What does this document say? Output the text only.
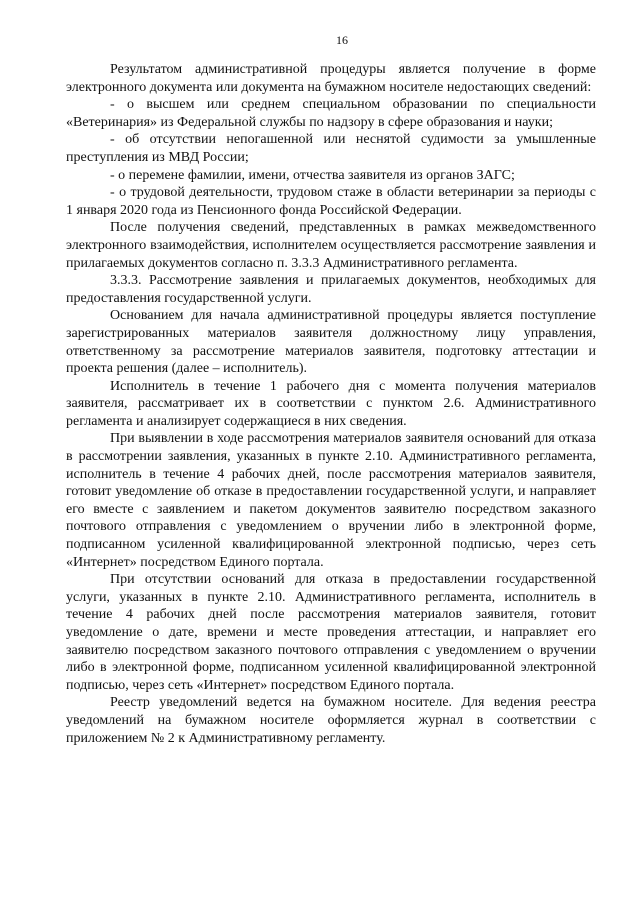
16

Результатом административной процедуры является получение в форме электронного документа или документа на бумажном носителе недостающих сведений:

- о высшем или среднем специальном образовании по специальности «Ветеринария» из Федеральной службы по надзору в сфере образования и науки;

- об отсутствии непогашенной или неснятой судимости за умышленные преступления из МВД России;

- о перемене фамилии, имени, отчества заявителя из органов ЗАГС;

- о трудовой деятельности, трудовом стаже в области ветеринарии за периоды с 1 января 2020 года из Пенсионного фонда Российской Федерации.

После получения сведений, представленных в рамках межведомственного электронного взаимодействия, исполнителем осуществляется рассмотрение заявления и прилагаемых документов согласно п. 3.3.3 Административного регламента.

3.3.3. Рассмотрение заявления и прилагаемых документов, необходимых для предоставления государственной услуги.

Основанием для начала административной процедуры является поступление зарегистрированных материалов заявителя должностному лицу управления, ответственному за рассмотрение материалов заявителя, подготовку аттестации и проекта решения (далее – исполнитель).

Исполнитель в течение 1 рабочего дня с момента получения материалов заявителя, рассматривает их в соответствии с пунктом 2.6. Административного регламента и анализирует содержащиеся в них сведения.

При выявлении в ходе рассмотрения материалов заявителя оснований для отказа в рассмотрении заявления, указанных в пункте 2.10. Административного регламента, исполнитель в течение 4 рабочих дней, после рассмотрения материалов заявителя, готовит уведомление об отказе в предоставлении государственной услуги, и направляет его вместе с заявлением и пакетом документов заявителю посредством заказного почтового отправления с уведомлением о вручении либо в электронной форме, подписанном усиленной квалифицированной электронной подписью, через сеть «Интернет» посредством Единого портала.

При отсутствии оснований для отказа в предоставлении государственной услуги, указанных в пункте 2.10. Административного регламента, исполнитель в течение 4 рабочих дней после рассмотрения материалов заявителя, готовит уведомление о дате, времени и месте проведения аттестации, и направляет его заявителю посредством заказного почтового отправления с уведомлением о вручении либо в электронной форме, подписанном усиленной квалифицированной электронной подписью, через сеть «Интернет» посредством Единого портала.

Реестр уведомлений ведется на бумажном носителе. Для ведения реестра уведомлений на бумажном носителе оформляется журнал в соответствии с приложением № 2 к Административному регламенту.
